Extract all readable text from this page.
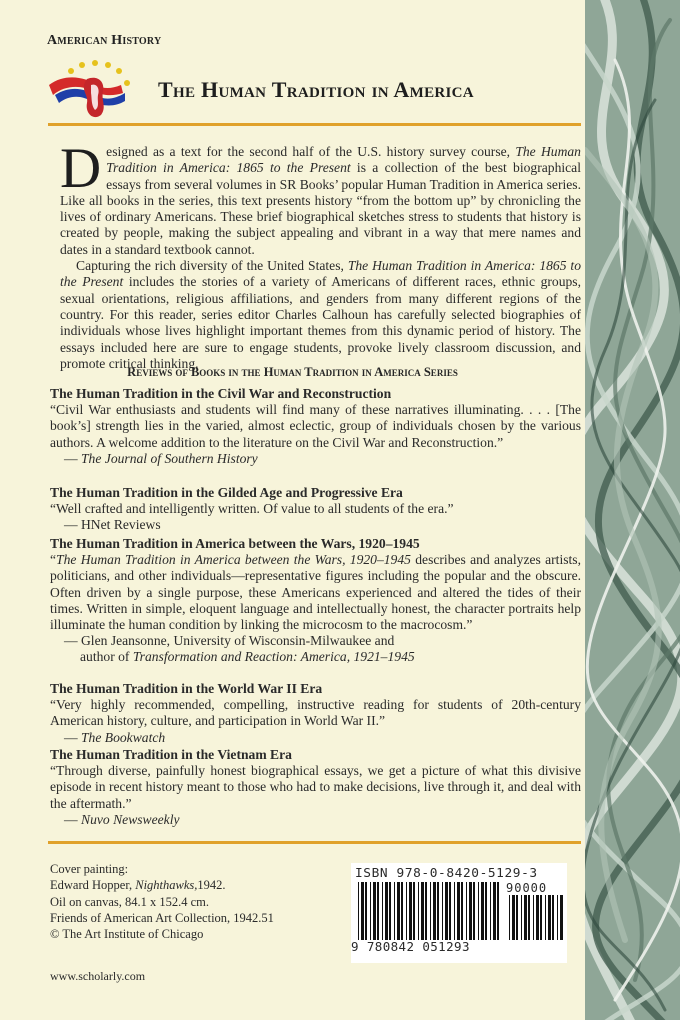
American History
The Human Tradition in America

Designed as a text for the second half of the U.S. history survey course, The Human Tradition in America: 1865 to the Present is a collection of the best biographical essays from several volumes in SR Books’ popular Human Tradition in America series. Like all books in the series, this text presents history “from the bottom up” by chronicling the lives of ordinary Americans. These brief biographical sketches stress to students that history is created by people, making the subject appealing and vibrant in a way that mere names and dates in a standard textbook cannot.

Capturing the rich diversity of the United States, The Human Tradition in America: 1865 to the Present includes the stories of a variety of Americans of different races, ethnic groups, sexual orientations, religious affiliations, and genders from many different regions of the country. For this reader, series editor Charles Calhoun has carefully selected biographies of individuals whose lives highlight important themes from this dynamic period of history. The essays included here are sure to engage students, provoke lively classroom discussion, and promote critical thinking.

Reviews of Books in the Human Tradition in America Series
The Human Tradition in the Civil War and Reconstruction
“Civil War enthusiasts and students will find many of these narratives illuminating. . . . [The book’s] strength lies in the varied, almost eclectic, group of individuals chosen by the various authors. A welcome addition to the literature on the Civil War and Reconstruction.”
— The Journal of Southern History
The Human Tradition in the Gilded Age and Progressive Era
“Well crafted and intelligently written. Of value to all students of the era.”
— HNet Reviews
The Human Tradition in America between the Wars, 1920–1945
“The Human Tradition in America between the Wars, 1920–1945 describes and analyzes artists, politicians, and other individuals—representative figures including the popular and the obscure. Often driven by a single purpose, these Americans experienced and altered the tides of their times. Written in simple, eloquent language and intellectually honest, the character portraits help illuminate the human condition by linking the microcosm to the macrocosm.”
— Glen Jeansonne, University of Wisconsin-Milwaukee and
author of Transformation and Reaction: America, 1921–1945
The Human Tradition in the World War II Era
“Very highly recommended, compelling, instructive reading for students of 20th-century American history, culture, and participation in World War II.”
— The Bookwatch
The Human Tradition in the Vietnam Era
“Through diverse, painfully honest biographical essays, we get a picture of what this divisive episode in recent history meant to those who had to make decisions, live through it, and deal with the aftermath.”
— Nuvo Newsweekly
Cover painting:
Edward Hopper, Nighthawks,1942.
Oil on canvas, 84.1 x 152.4 cm.
Friends of American Art Collection, 1942.51
© The Art Institute of Chicago
www.scholarly.com
ISBN 978-0-8420-5129-3
90000
9 780842 051293
